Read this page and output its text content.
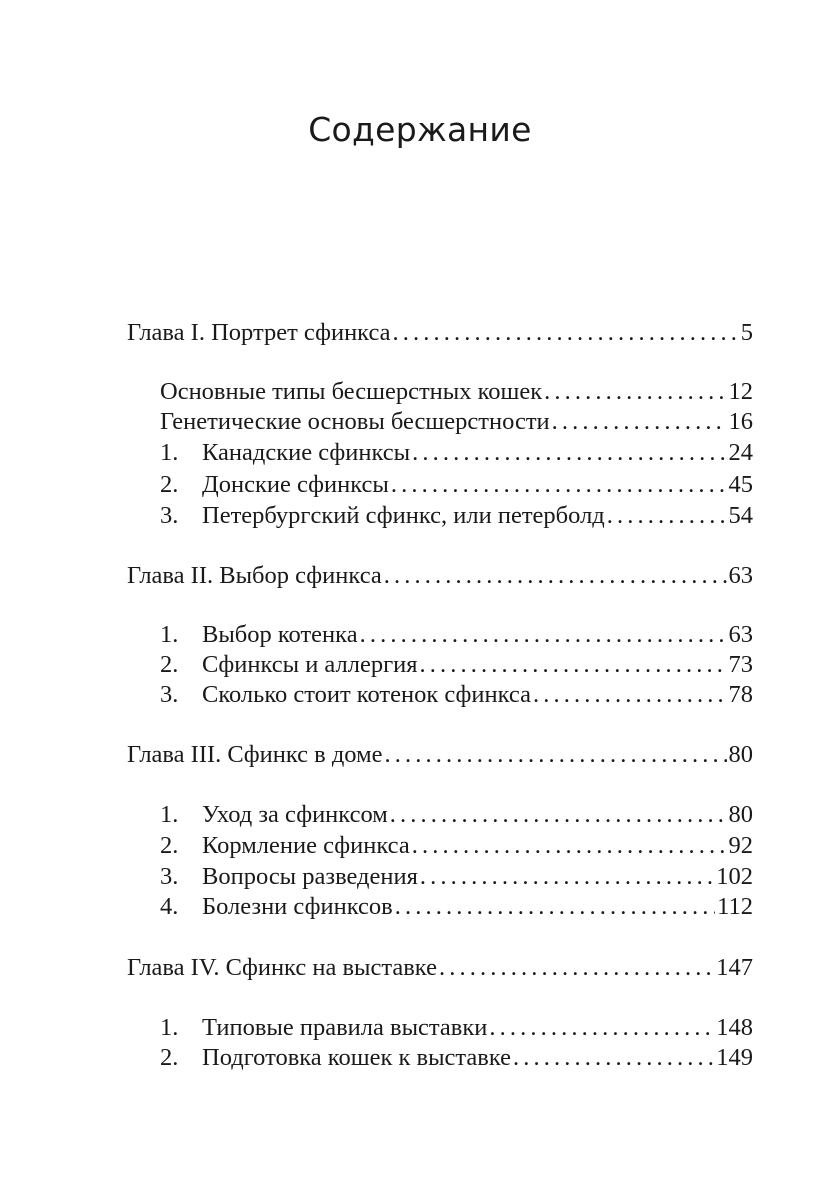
Содержание
Глава I. Портрет сфинкса . . .	5
Основные типы бесшерстных кошек . . .	12
Генетические основы бесшерстности . . .	16
1. Канадские сфинксы . . .	24
2. Донские сфинксы . . .	45
3. Петербургский сфинкс, или петерболд . . .	54
Глава II. Выбор сфинкса . . .	63
1. Выбор котенка . . .	63
2. Сфинксы и аллергия . . .	73
3. Сколько стоит котенок сфинкса . . .	78
Глава III. Сфинкс в доме . . .	80
1. Уход за сфинксом . . .	80
2. Кормление сфинкса . . .	92
3. Вопросы разведения . . .	102
4. Болезни сфинксов . . .	112
Глава IV. Сфинкс на выставке . . .	147
1. Типовые правила выставки . . .	148
2. Подготовка кошек к выставке . . .	149
